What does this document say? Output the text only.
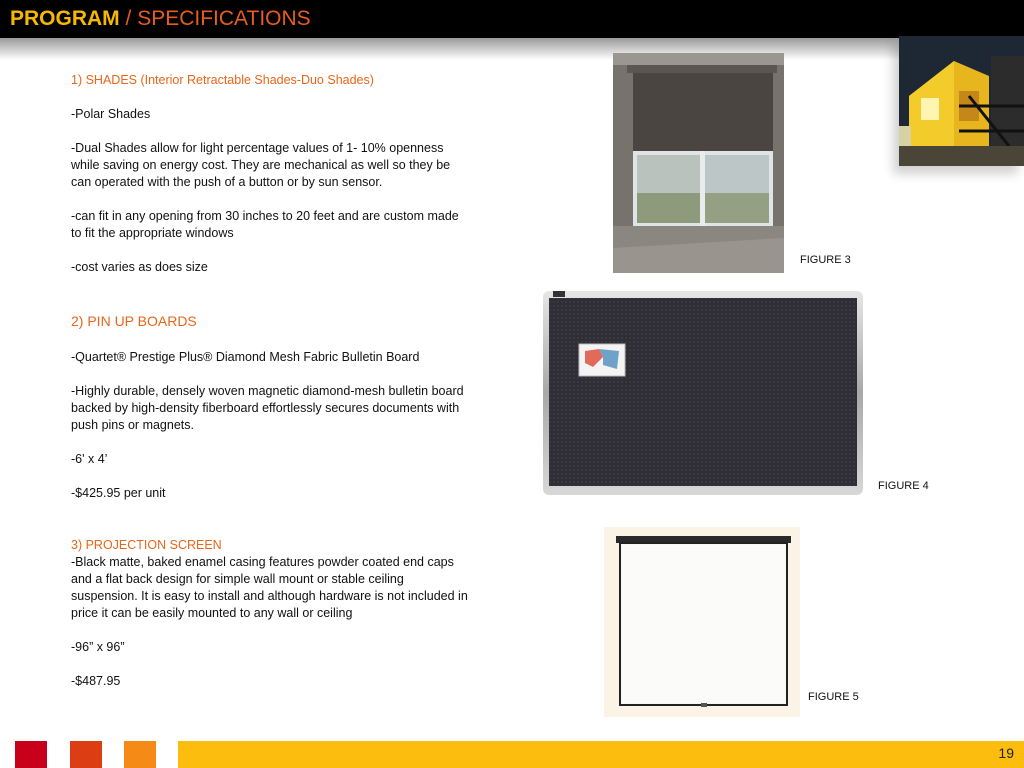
PROGRAM / SPECIFICATIONS

1) SHADES (Interior Retractable Shades-Duo Shades)

-Polar Shades

-Dual Shades allow for light percentage values of 1- 10% openness while saving on energy cost. They are mechanical as well so they be can operated with the push of a button or by sun sensor.

-can fit in any opening from 30 inches to 20 feet and are custom made to fit the appropriate windows

-cost varies as does size

2) PIN UP BOARDS

-Quartet® Prestige Plus® Diamond Mesh Fabric Bulletin Board

-Highly durable, densely woven magnetic diamond-mesh bulletin board backed by high-density fiberboard effortlessly secures documents with push pins or magnets.

-6' x 4’

-$425.95 per unit

3) PROJECTION SCREEN

-Black matte, baked enamel casing features powder coated end caps and a flat back design for simple wall mount or stable ceiling suspension. It is easy to install and although hardware is not included in price it can be easily mounted to any wall or ceiling

-96” x 96”

-$487.95

FIGURE 3
FIGURE 4
FIGURE 5
19
